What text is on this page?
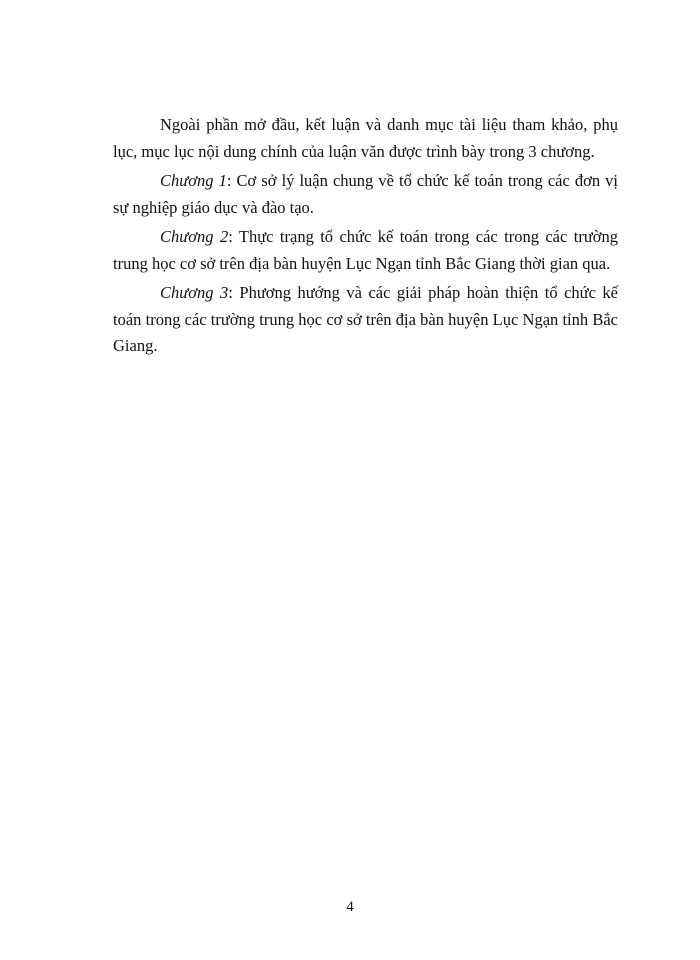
Ngoài phần mở đầu, kết luận và danh mục tài liệu tham khảo, phụ lục, mục lục nội dung chính của luận văn được trình bày trong 3 chương.

Chương 1: Cơ sở lý luận chung về tổ chức kế toán trong các đơn vị sự nghiệp giáo dục và đào tạo.

Chương 2: Thực trạng tổ chức kế toán trong các trong các trường trung học cơ sở trên địa bàn huyện Lục Ngạn tỉnh Bắc Giang thời gian qua.

Chương 3: Phương hướng và các giải pháp hoàn thiện tổ chức kế toán trong các trường trung học cơ sở trên địa bàn huyện Lục Ngạn tỉnh Bắc Giang.

4
